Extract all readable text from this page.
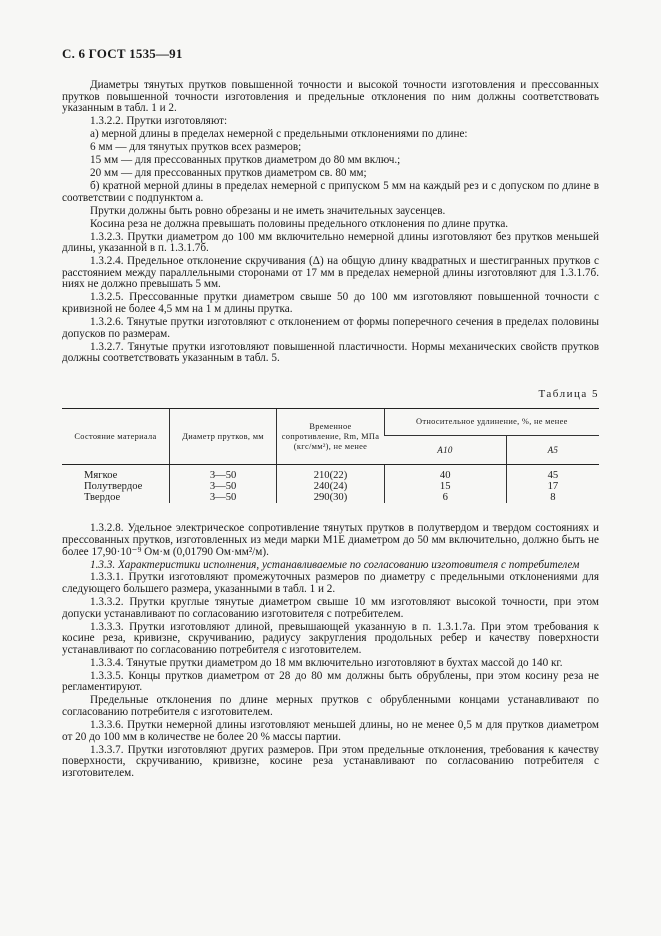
С. 6 ГОСТ 1535—91

Диаметры тянутых прутков повышенной точности и высокой точности изготовления и прессованных прутков повышенной точности изготовления и предельные отклонения по ним должны соответствовать указанным в табл. 1 и 2.

1.3.2.2. Прутки изготовляют:

а) мерной длины в пределах немерной с предельными отклонениями по длине:

6 мм — для тянутых прутков всех размеров;

15 мм — для прессованных прутков диаметром до 80 мм включ.;

20 мм — для прессованных прутков диаметром св. 80 мм;

б) кратной мерной длины в пределах немерной с припуском 5 мм на каждый рез и с допуском по длине в соответствии с подпунктом а.

Прутки должны быть ровно обрезаны и не иметь значительных заусенцев.

Косина реза не должна превышать половины предельного отклонения по длине прутка.

1.3.2.3. Прутки диаметром до 100 мм включительно немерной длины изготовляют без прутков меньшей длины, указанной в п. 1.3.1.7б.

1.3.2.4. Предельное отклонение скручивания (Δ) на общую длину квадратных и шестигранных прутков с расстоянием между параллельными сторонами от 17 мм в пределах немерной длины изготовляют для 1.3.1.7б. ниях не должно превышать 5 мм.

1.3.2.5. Прессованные прутки диаметром свыше 50 до 100 мм изготовляют повышенной точности с кривизной не более 4,5 мм на 1 м длины прутка.

1.3.2.6. Тянутые прутки изготовляют с отклонением от формы поперечного сечения в пределах половины допусков по размерам.

1.3.2.7. Тянутые прутки изготовляют повышенной пластичности. Нормы механических свойств прутков должны соответствовать указанным в табл. 5.

Таблица 5
Состояние материала	Диаметр прутков, мм	Временное сопротивление, Rm, МПа (кгс/мм²), не менее	Относительное удлинение, %, не менее	
			A10	A5
Мягкое	3—50	210(22)	40	45
Полутвердое	3—50	240(24)	15	17
Твердое	3—50	290(30)	6	8

1.3.2.8. Удельное электрическое сопротивление тянутых прутков в полутвердом и твердом состояниях и прессованных прутков, изготовленных из меди марки М1Е диаметром до 50 мм включительно, должно быть не более 17,90·10⁻⁹ Ом·м (0,01790 Ом·мм²/м).

1.3.3. Характеристики исполнения, устанавливаемые по согласованию изготовителя с потребителем

1.3.3.1. Прутки изготовляют промежуточных размеров по диаметру с предельными отклонениями для следующего большего размера, указанными в табл. 1 и 2.

1.3.3.2. Прутки круглые тянутые диаметром свыше 10 мм изготовляют высокой точности, при этом допуски устанавливают по согласованию изготовителя с потребителем.

1.3.3.3. Прутки изготовляют длиной, превышающей указанную в п. 1.3.1.7а. При этом требования к косине реза, кривизне, скручиванию, радиусу закругления продольных ребер и качеству поверхности устанавливают по согласованию потребителя с изготовителем.

1.3.3.4. Тянутые прутки диаметром до 18 мм включительно изготовляют в бухтах массой до 140 кг.

1.3.3.5. Концы прутков диаметром от 28 до 80 мм должны быть обрублены, при этом косину реза не регламентируют.

Предельные отклонения по длине мерных прутков с обрубленными концами устанавливают по согласованию потребителя с изготовителем.

1.3.3.6. Прутки немерной длины изготовляют меньшей длины, но не менее 0,5 м для прутков диаметром от 20 до 100 мм в количестве не более 20 % массы партии.

1.3.3.7. Прутки изготовляют других размеров. При этом предельные отклонения, требования к качеству поверхности, скручиванию, кривизне, косине реза устанавливают по согласованию потребителя с изготовителем.
